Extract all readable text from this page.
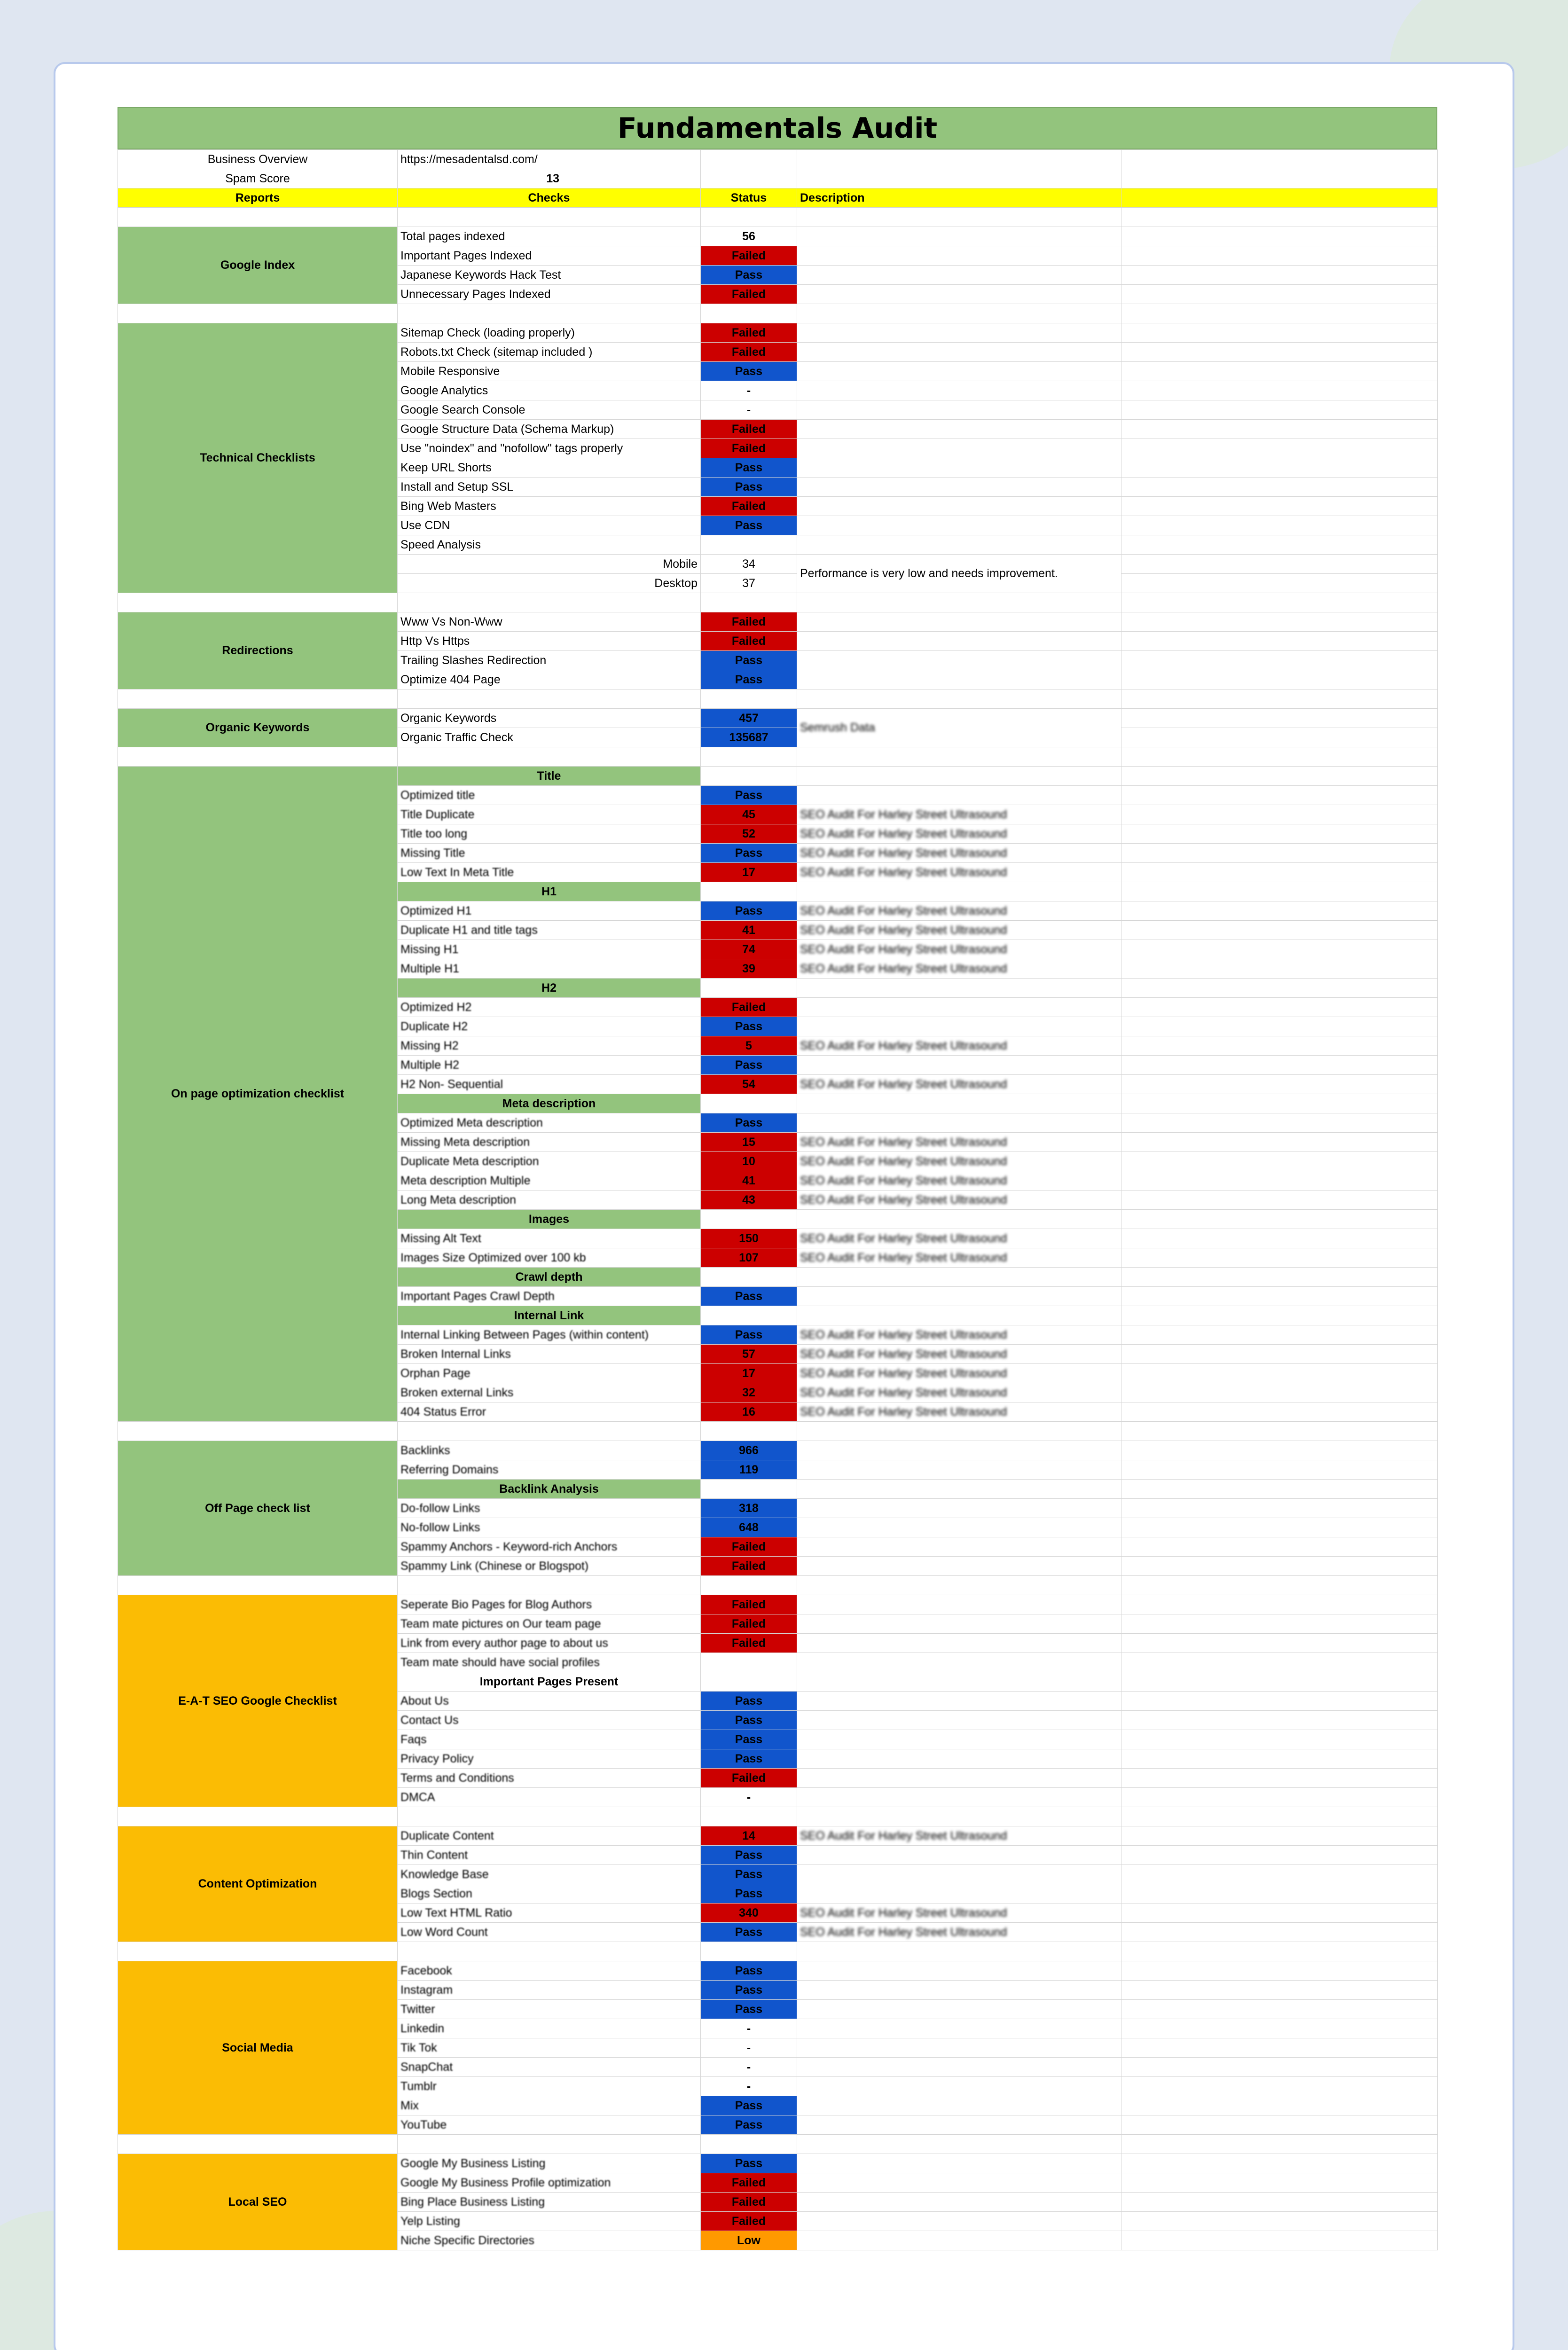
Fundamentals Audit
Business Overview	https://mesadentalsd.com/			
Spam Score	13			
Reports	Checks	Status	Description	

Google Index	Total pages indexed	56		
	Important Pages Indexed	Failed		
	Japanese Keywords Hack Test	Pass		
	Unnecessary Pages Indexed	Failed		

Technical Checklists	Sitemap Check (loading properly)	Failed		
	Robots.txt Check (sitemap included )	Failed		
	Mobile Responsive	Pass		
	Google Analytics	-		
	Google Search Console	-		
	Google Structure Data (Schema Markup)	Failed		
	Use "noindex" and "nofollow" tags properly	Failed		
	Keep URL Shorts	Pass		
	Install and Setup SSL	Pass		
	Bing Web Masters	Failed		
	Use CDN	Pass		
	Speed Analysis			
	Mobile	34	Performance is very low and needs improvement.	
	Desktop	37		

Redirections	Www Vs Non-Www	Failed		
	Http Vs Https	Failed		
	Trailing Slashes Redirection	Pass		
	Optimize 404 Page	Pass		

Organic Keywords	Organic Keywords	457	Semrush Data	
	Organic Traffic Check	135687		

On page optimization checklist	Title			
	Optimized title	Pass		
	Title Duplicate	45	SEO Audit For Harley Street Ultrasound	
	Title too long	52	SEO Audit For Harley Street Ultrasound	
	Missing Title	Pass	SEO Audit For Harley Street Ultrasound	
	Low Text In Meta Title	17	SEO Audit For Harley Street Ultrasound	
	H1			
	Optimized H1	Pass	SEO Audit For Harley Street Ultrasound	
	Duplicate H1 and title tags	41	SEO Audit For Harley Street Ultrasound	
	Missing H1	74	SEO Audit For Harley Street Ultrasound	
	Multiple H1	39	SEO Audit For Harley Street Ultrasound	
	H2			
	Optimized H2	Failed		
	Duplicate H2	Pass		
	Missing H2	5	SEO Audit For Harley Street Ultrasound	
	Multiple H2	Pass		
	H2 Non- Sequential	54	SEO Audit For Harley Street Ultrasound	
	Meta description			
	Optimized Meta description	Pass		
	Missing Meta description	15	SEO Audit For Harley Street Ultrasound	
	Duplicate Meta description	10	SEO Audit For Harley Street Ultrasound	
	Meta description Multiple	41	SEO Audit For Harley Street Ultrasound	
	Long Meta description	43	SEO Audit For Harley Street Ultrasound	
	Images			
	Missing Alt Text	150	SEO Audit For Harley Street Ultrasound	
	Images Size Optimized over 100 kb	107	SEO Audit For Harley Street Ultrasound	
	Crawl depth			
	Important Pages Crawl Depth	Pass		
	Internal Link			
	Internal Linking Between Pages (within content)	Pass	SEO Audit For Harley Street Ultrasound	
	Broken Internal Links	57	SEO Audit For Harley Street Ultrasound	
	Orphan Page	17	SEO Audit For Harley Street Ultrasound	
	Broken external Links	32	SEO Audit For Harley Street Ultrasound	
	404 Status Error	16	SEO Audit For Harley Street Ultrasound	

Off Page check list	Backlinks	966		
	Referring Domains	119		
	Backlink Analysis			
	Do-follow Links	318		
	No-follow Links	648		
	Spammy Anchors - Keyword-rich Anchors	Failed		
	Spammy Link (Chinese or Blogspot)	Failed		

E-A-T SEO Google Checklist	Seperate Bio Pages for Blog Authors	Failed		
	Team mate pictures on Our team page	Failed		
	Link from every author page to about us	Failed		
	Team mate should have social profiles			
	Important Pages Present			
	About Us	Pass		
	Contact Us	Pass		
	Faqs	Pass		
	Privacy Policy	Pass		
	Terms and Conditions	Failed		
	DMCA	-		

Content Optimization	Duplicate Content	14	SEO Audit For Harley Street Ultrasound	
	Thin Content	Pass		
	Knowledge Base	Pass		
	Blogs Section	Pass		
	Low Text HTML Ratio	340	SEO Audit For Harley Street Ultrasound	
	Low Word Count	Pass	SEO Audit For Harley Street Ultrasound	

Social Media	Facebook	Pass		
	Instagram	Pass		
	Twitter	Pass		
	Linkedin	-		
	Tik Tok	-		
	SnapChat	-		
	Tumblr	-		
	Mix	Pass		
	YouTube	Pass		

Local SEO	Google My Business Listing	Pass		
	Google My Business Profile optimization	Failed		
	Bing Place Business Listing	Failed		
	Yelp Listing	Failed		
	Niche Specific Directories	Low		
